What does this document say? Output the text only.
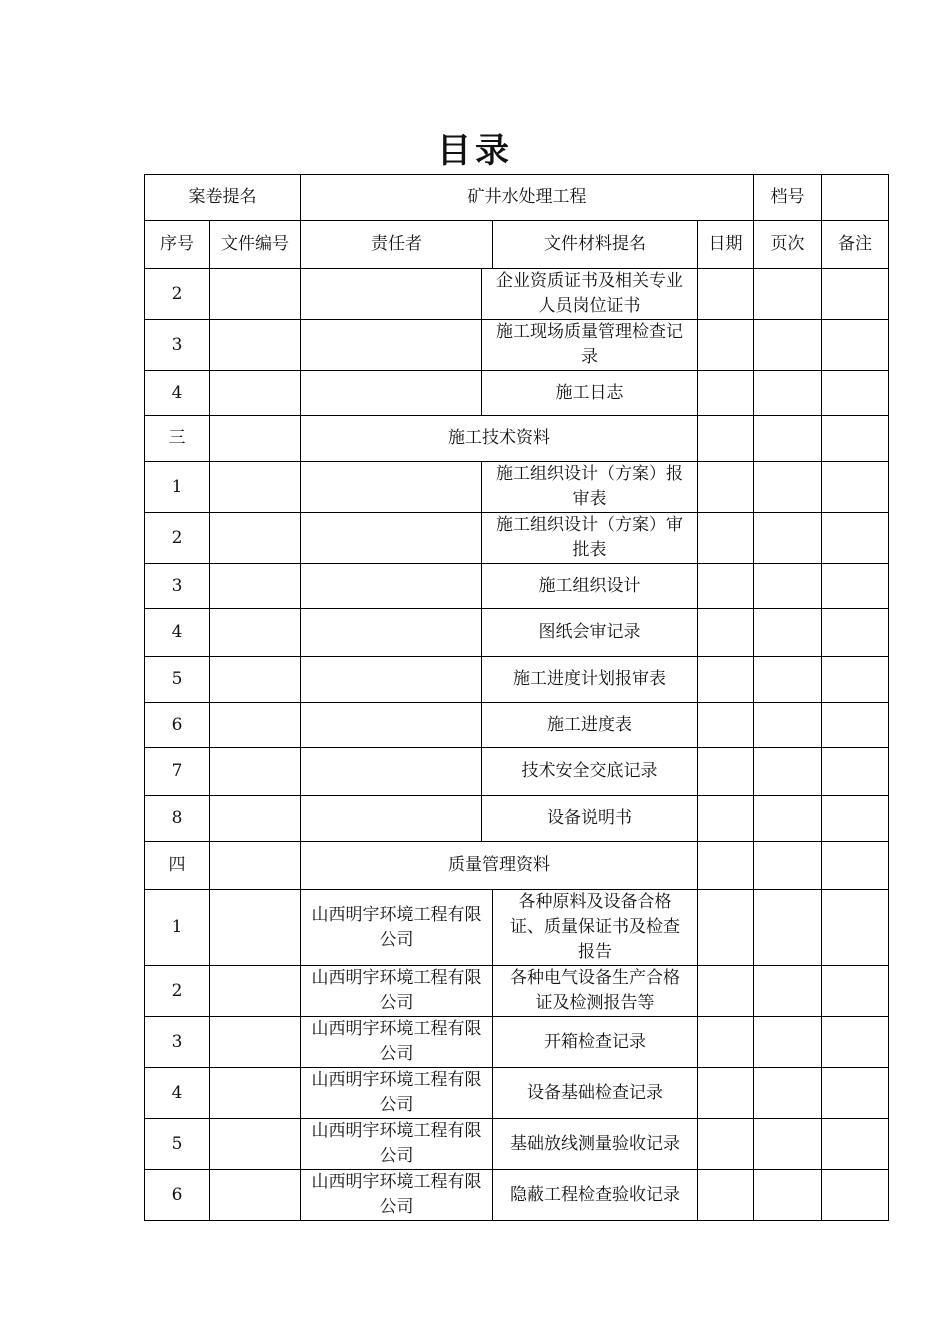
目录
案卷提名		矿井水处理工程				档号	
序号	文件编号	责任者		文件材料提名	日期	页次	备注
2			企业资质证书及相关专业人员岗位证书				
3			施工现场质量管理检查记录				
4			施工日志				
三		施工技术资料					
1			施工组织设计（方案）报审表				
2			施工组织设计（方案）审批表				
3			施工组织设计				
4			图纸会审记录				
5			施工进度计划报审表				
6			施工进度表				
7			技术安全交底记录				
8			设备说明书				
四		质量管理资料					
1		山西明宇环境工程有限公司		各种原料及设备合格证、质量保证书及检查报告			
2		山西明宇环境工程有限公司		各种电气设备生产合格证及检测报告等			
3		山西明宇环境工程有限公司		开箱检查记录			
4		山西明宇环境工程有限公司		设备基础检查记录			
5		山西明宇环境工程有限公司		基础放线测量验收记录			
6		山西明宇环境工程有限公司		隐蔽工程检查验收记录			
